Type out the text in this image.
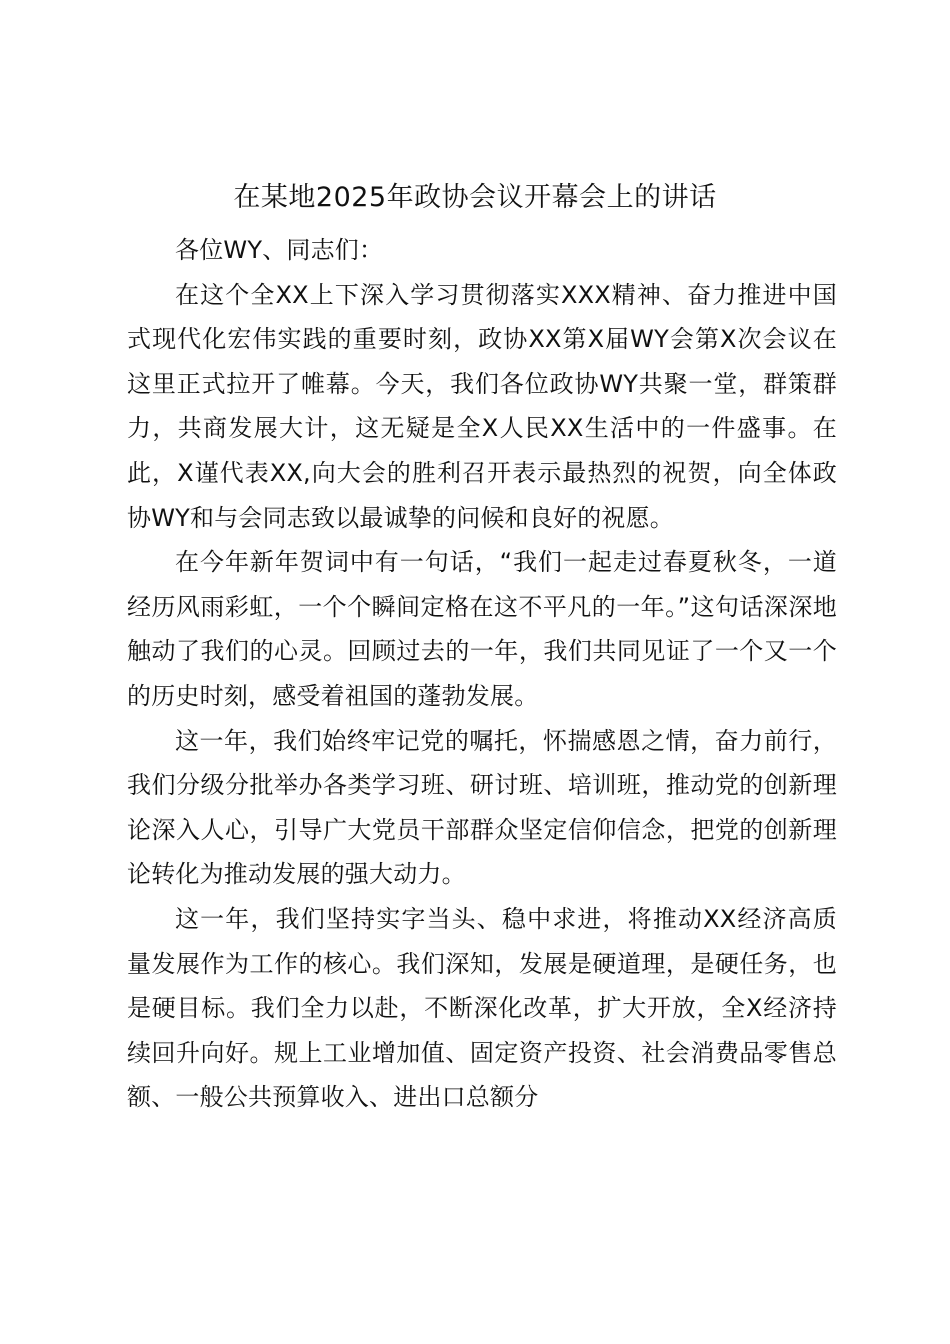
在某地2025年政协会议开幕会上的讲话

各位WY、同志们：

在这个全XX上下深入学习贯彻落实XXX精神、奋力推进中国式现代化宏伟实践的重要时刻，政协XX第X届WY会第X次会议在这里正式拉开了帷幕。今天，我们各位政协WY共聚一堂，群策群力，共商发展大计，这无疑是全X人民XX生活中的一件盛事。在此，X谨代表XX,向大会的胜利召开表示最热烈的祝贺，向全体政协WY和与会同志致以最诚挚的问候和良好的祝愿。

在今年新年贺词中有一句话，“我们一起走过春夏秋冬，一道经历风雨彩虹，一个个瞬间定格在这不平凡的一年。”这句话深深地触动了我们的心灵。回顾过去的一年，我们共同见证了一个又一个的历史时刻，感受着祖国的蓬勃发展。

这一年，我们始终牢记党的嘱托，怀揣感恩之情，奋力前行，我们分级分批举办各类学习班、研讨班、培训班，推动党的创新理论深入人心，引导广大党员干部群众坚定信仰信念，把党的创新理论转化为推动发展的强大动力。

这一年，我们坚持实字当头、稳中求进，将推动XX经济高质量发展作为工作的核心。我们深知，发展是硬道理，是硬任务，也是硬目标。我们全力以赴，不断深化改革，扩大开放，全X经济持续回升向好。规上工业增加值、固定资产投资、社会消费品零售总额、一般公共预算收入、进出口总额分
